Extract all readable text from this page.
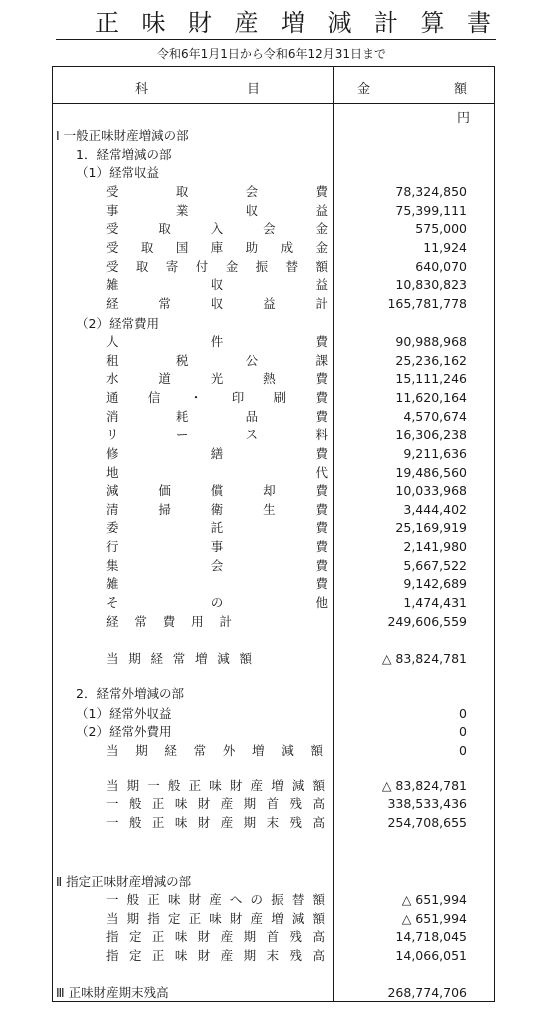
正 味 財 産 増 減 計 算 書
令和6年1月1日から令和6年12月31日まで
科目	金額
円
Ⅰ 一般正味財産増減の部
1．経常増減の部
（1）経常収益
受取会費	78,324,850
事業収益	75,399,111
受取入会金	575,000
受取国庫助成金	11,924
受取寄付金振替額	640,070
雑収益	10,830,823
経常収益計	165,781,778
（2）経常費用
人件費	90,988,968
租税公課	25,236,162
水道光熱費	15,111,246
通信・印刷費	11,620,164
消耗品費	4,570,674
リース料	16,306,238
修繕費	9,211,636
地代	19,486,560
減価償却費	10,033,968
清掃衛生費	3,444,402
委託費	25,169,919
行事費	2,141,980
集会費	5,667,522
雑費	9,142,689
その他	1,474,431
経常費用計	249,606,559
当期経常増減額	△ 83,824,781
2．経常外増減の部
（1）経常外収益	0
（2）経常外費用	0
当期経常外増減額	0
当期一般正味財産増減額	△ 83,824,781
一般正味財産期首残高	338,533,436
一般正味財産期末残高	254,708,655
Ⅱ 指定正味財産増減の部
一般正味財産への振替額	△ 651,994
当期指定正味財産増減額	△ 651,994
指定正味財産期首残高	14,718,045
指定正味財産期末残高	14,066,051
Ⅲ 正味財産期末残高	268,774,706
